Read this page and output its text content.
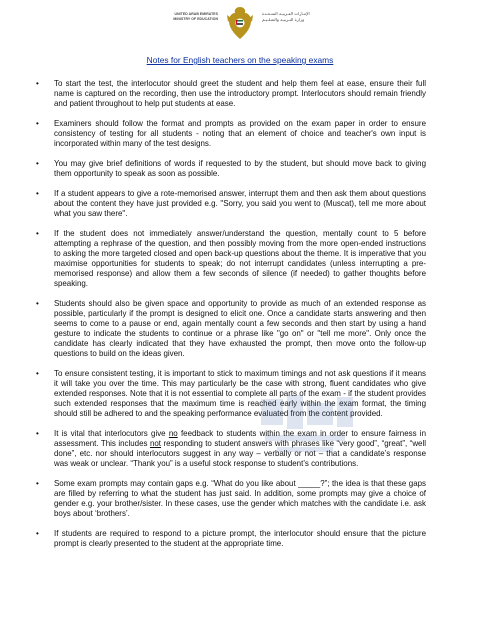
UNITED ARAB EMIRATES
MINISTRY OF EDUCATION
الإمـارات العـربيـة المتـحـدة
وزارة التـربيـة والتعـلـيـم
Notes for English teachers on the speaking exams
• To start the test, the interlocutor should greet the student and help them feel at ease, ensure their full name is captured on the recording, then use the introductory prompt. Interlocutors should remain friendly and patient throughout to help put students at ease.
• Examiners should follow the format and prompts as provided on the exam paper in order to ensure consistency of testing for all students - noting that an element of choice and teacher's own input is incorporated within many of the test designs.
• You may give brief definitions of words if requested to by the student, but should move back to giving them opportunity to speak as soon as possible.
• If a student appears to give a rote-memorised answer, interrupt them and then ask them about questions about the content they have just provided e.g. "Sorry, you said you went to (Muscat), tell me more about what you saw there".
• If the student does not immediately answer/understand the question, mentally count to 5 before attempting a rephrase of the question, and then possibly moving from the more open-ended instructions to asking the more targeted closed and open back-up questions about the theme. It is imperative that you maximise opportunities for students to speak; do not interrupt candidates (unless interrupting a pre-memorised response) and allow them a few seconds of silence (if needed) to gather thoughts before speaking.
• Students should also be given space and opportunity to provide as much of an extended response as possible, particularly if the prompt is designed to elicit one. Once a candidate starts answering and then seems to come to a pause or end, again mentally count a few seconds and then start by using a hand gesture to indicate the students to continue or a phrase like "go on" or "tell me more". Only once the candidate has clearly indicated that they have exhausted the prompt, then move onto the follow-up questions to build on the ideas given.
• To ensure consistent testing, it is important to stick to maximum timings and not ask questions if it means it will take you over the time. This may particularly be the case with strong, fluent candidates who give extended responses. Note that it is not essential to complete all parts of the exam - if the student provides such extended responses that the maximum time is reached early within the exam format, the timing should still be adhered to and the speaking performance evaluated from the content provided.
• It is vital that interlocutors give no feedback to students within the exam in order to ensure fairness in assessment. This includes not responding to student answers with phrases like “very good”, “great”, “well done”, etc. nor should interlocutors suggest in any way – verbally or not – that a candidate’s response was weak or unclear. “Thank you” is a useful stock response to student’s contributions.
• Some exam prompts may contain gaps e.g. “What do you like about _____?”; the idea is that these gaps are filled by referring to what the student has just said. In addition, some prompts may give a choice of gender e.g. your brother/sister. In these cases, use the gender which matches with the candidate i.e. ask boys about ‘brothers’.
• If students are required to respond to a picture prompt, the interlocutor should ensure that the picture prompt is clearly presented to the student at the appropriate time.
